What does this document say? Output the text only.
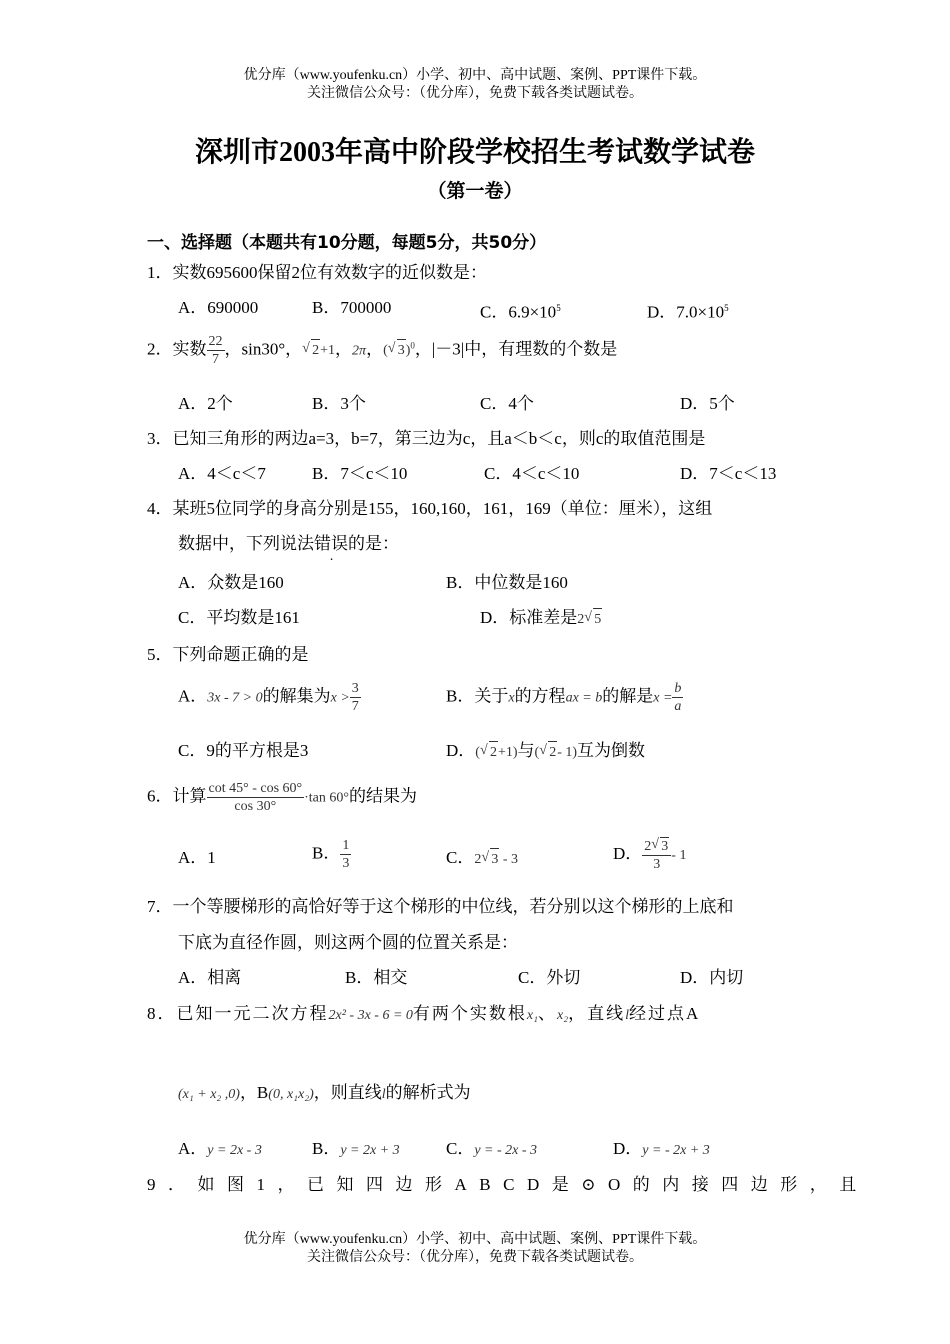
优分库（www.youfenku.cn）小学、初中、高中试题、案例、PPT课件下载。
关注微信公众号：（优分库），免费下载各类试题试卷。
深圳市2003年高中阶段学校招生考试数学试卷
（第一卷）
一、选择题（本题共有10分题，每题5分，共50分）
1．实数695600保留2位有效数字的近似数是：
A．690000	B．700000	C．$6.9\times 10^5$	D．$7.0\times 10^5$
2．实数 $\frac{22}{7}$ ，sin30°， √ 2+1，2π，( √ 3)$^0$，|－3|中，有理数的个数是
A．2个	B．3个	C．4个	D．5个
3．已知三角形的两边a=3，b=7，第三边为c，且a＜b＜c，则c的取值范围是
A．4＜c＜7	B．7＜c＜10	C．4＜c＜10	D．7＜c＜13
4．某班5位同学的身高分别是155，160,160，161，169（单位：厘米），这组
数据中，下列说法错误的是：
A．众数是160	B．中位数是160
C．平均数是161	D．标准差是2 √ 5
5．下列命题正确的是
A．3x - 7 > 0的解集为$x > \frac{3}{7}$	B．关于x的方程ax = b的解是$x = \frac{b}{a}$
C．9的平方根是3	D．( √ 2+1)与( √ 2- 1)互为倒数
6．计算 $\frac{\cot 45^\circ - \cos 60^\circ}{\cos 30^\circ} \cdot\tan$ 60°的结果为
A．1	B． $\frac{1}{3}$	C．2 √ 3 - 3	D． $\frac{2 √ 3}{3} - 1$
7．一个等腰梯形的高恰好等于这个梯形的中位线，若分别以这个梯形的上底和
下底为直径作圆，则这两个圆的位置关系是：
A．相离	B．相交	C．外切	D．内切
8．已知一元二次方程2x² - 3x - 6 = 0有两个实数根x₁、x₂，直线l经过点A
(x₁ + x₂ ,0)，B(0, x₁x₂)，则直线l的解析式为
A．y = 2x - 3	B．y = 2x + 3	C．y = - 2x - 3	D．y = - 2x + 3
9．如图1，已知四边形ABCD是⊙O的内接四边形，且
优分库（www.youfenku.cn）小学、初中、高中试题、案例、PPT课件下载。
关注微信公众号：（优分库），免费下载各类试题试卷。
